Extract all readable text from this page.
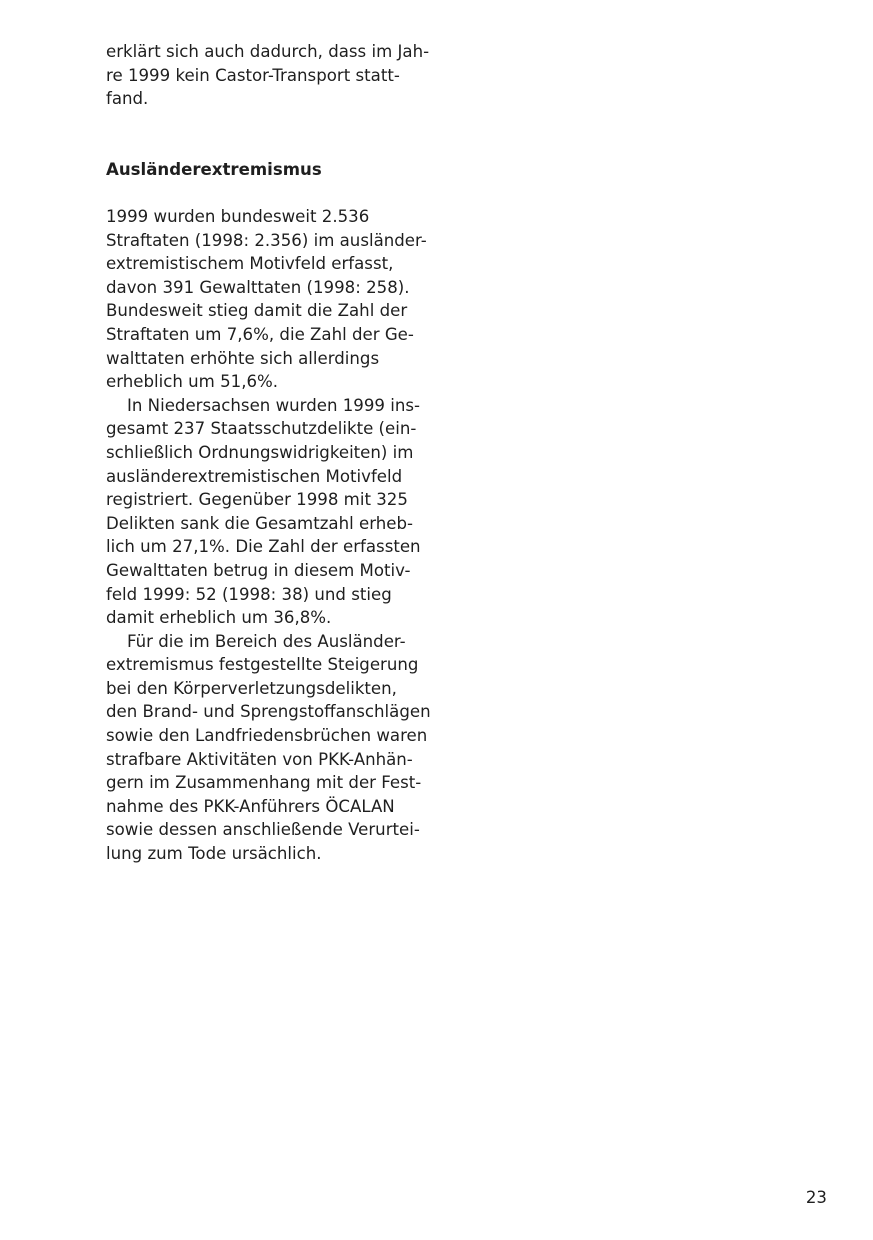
erklärt sich auch dadurch, dass im Jah-
re 1999 kein Castor-Transport statt-
fand.
Ausländerextremismus
1999 wurden bundesweit 2.536
Straftaten (1998: 2.356) im ausländer-
extremistischem Motivfeld erfasst,
davon 391 Gewalttaten (1998: 258).
Bundesweit stieg damit die Zahl der
Straftaten um 7,6%, die Zahl der Ge-
walttaten erhöhte sich allerdings
erheblich um 51,6%.
In Niedersachsen wurden 1999 ins-
gesamt 237 Staatsschutzdelikte (ein-
schließlich Ordnungswidrigkeiten) im
ausländerextremistischen Motivfeld
registriert. Gegenüber 1998 mit 325
Delikten sank die Gesamtzahl erheb-
lich um 27,1%. Die Zahl der erfassten
Gewalttaten betrug in diesem Motiv-
feld 1999: 52 (1998: 38) und stieg
damit erheblich um 36,8%.
Für die im Bereich des Ausländer-
extremismus festgestellte Steigerung
bei den Körperverletzungsdelikten,
den Brand- und Sprengstoffanschlägen
sowie den Landfriedensbrüchen waren
strafbare Aktivitäten von PKK-Anhän-
gern im Zusammenhang mit der Fest-
nahme des PKK-Anführers ÖCALAN
sowie dessen anschließende Verurtei-
lung zum Tode ursächlich.
23
